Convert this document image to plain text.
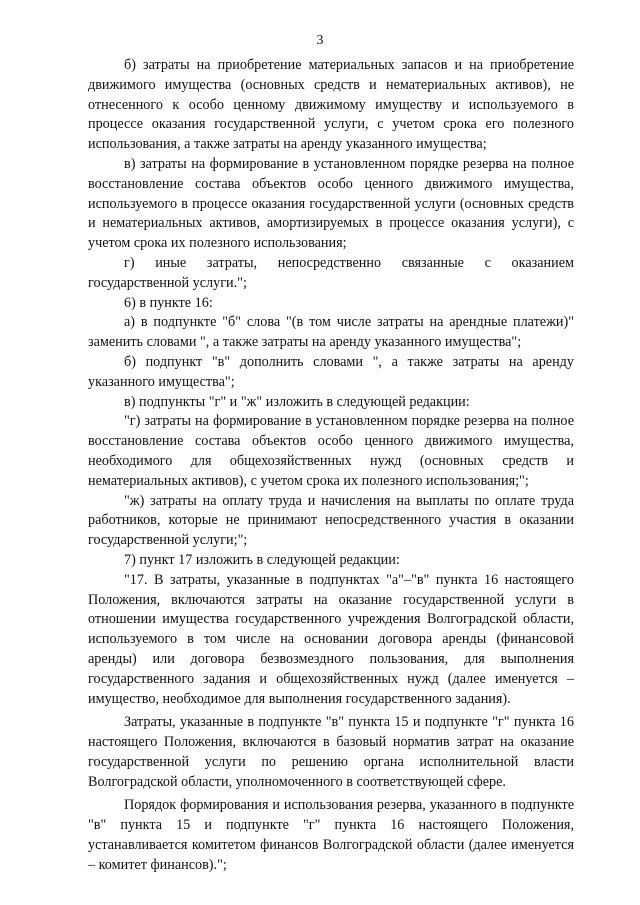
3

б) затраты на приобретение материальных запасов и на приобретение движимого имущества (основных средств и нематериальных активов), не отнесенного к особо ценному движимому имуществу и используемого в процессе оказания государственной услуги, с учетом срока его полезного использования, а также затраты на аренду указанного имущества;

в) затраты на формирование в установленном порядке резерва на полное восстановление состава объектов особо ценного движимого имущества, используемого в процессе оказания государственной услуги (основных средств и нематериальных активов, амортизируемых в процессе оказания услуги), с учетом срока их полезного использования;

г) иные затраты, непосредственно связанные с оказанием государственной услуги.";

6) в пункте 16:

а) в подпункте "б" слова "(в том числе затраты на арендные платежи)" заменить словами ", а также затраты на аренду указанного имущества";

б) подпункт "в" дополнить словами ", а также затраты на аренду указанного имущества";

в) подпункты "г" и "ж" изложить в следующей редакции:

"г) затраты на формирование в установленном порядке резерва на полное восстановление состава объектов особо ценного движимого имущества, необходимого для общехозяйственных нужд (основных средств и нематериальных активов), с учетом срока их полезного использования;";

"ж) затраты на оплату труда и начисления на выплаты по оплате труда работников, которые не принимают непосредственного участия в оказании государственной услуги;";

7) пункт 17 изложить в следующей редакции:

"17. В затраты, указанные в подпунктах "а"–"в" пункта 16 настоящего Положения, включаются затраты на оказание государственной услуги в отношении имущества государственного учреждения Волгоградской области, используемого в том числе на основании договора аренды (финансовой аренды) или договора безвозмездного пользования, для выполнения государственного задания и общехозяйственных нужд (далее именуется – имущество, необходимое для выполнения государственного задания).

Затраты, указанные в подпункте "в" пункта 15 и подпункте "г" пункта 16 настоящего Положения, включаются в базовый норматив затрат на оказание государственной услуги по решению органа исполнительной власти Волгоградской области, уполномоченного в соответствующей сфере.

Порядок формирования и использования резерва, указанного в подпункте "в" пункта 15 и подпункте "г" пункта 16 настоящего Положения, устанавливается комитетом финансов Волгоградской области (далее именуется – комитет финансов).";
